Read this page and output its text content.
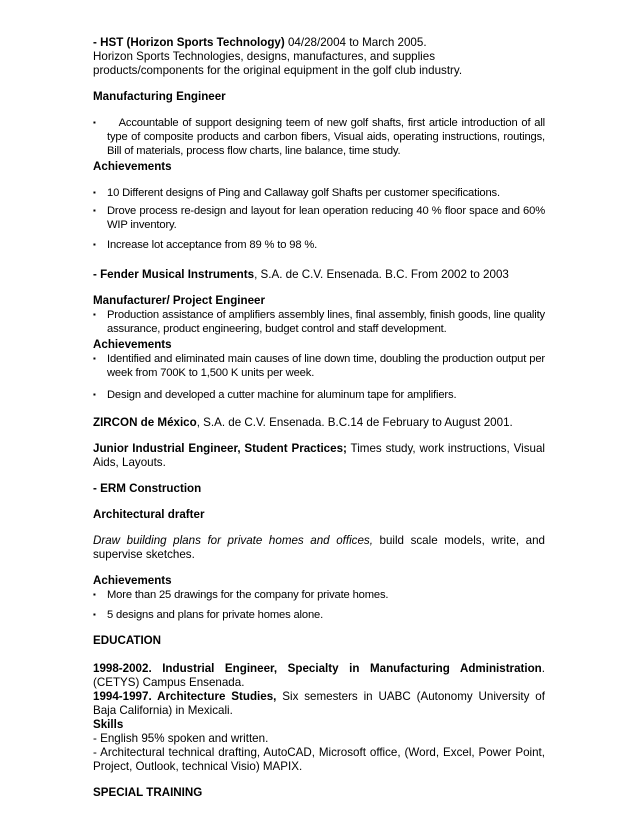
- HST (Horizon Sports Technology) 04/28/2004 to March 2005.

Horizon Sports Technologies, designs, manufactures, and supplies products/components for the original equipment in the golf club industry.

Manufacturing Engineer

▪ Accountable of support designing teem of new golf shafts, first article introduction of all type of composite products and carbon fibers, Visual aids, operating instructions, routings, Bill of materials, process flow charts, line balance, time study.

Achievements

▪ 10 Different designs of Ping and Callaway golf Shafts per customer specifications.
▪ Drove process re-design and layout for lean operation reducing 40 % floor space and 60% WIP inventory.
▪ Increase lot acceptance from 89 % to 98 %.

- Fender Musical Instruments, S.A. de C.V. Ensenada. B.C. From 2002 to 2003

Manufacturer/ Project Engineer

▪ Production assistance of amplifiers assembly lines, final assembly, finish goods, line quality assurance, product engineering, budget control and staff development.

Achievements

▪ Identified and eliminated main causes of line down time, doubling the production output per week from 700K to 1,500 K units per week.
▪ Design and developed a cutter machine for aluminum tape for amplifiers.

ZIRCON de México, S.A. de C.V. Ensenada. B.C.14 de February to August 2001.

Junior Industrial Engineer, Student Practices; Times study, work instructions, Visual Aids, Layouts.

- ERM Construction

Architectural drafter

Draw building plans for private homes and offices, build scale models, write, and supervise sketches.

Achievements

▪ More than 25 drawings for the company for private homes.
▪ 5 designs and plans for private homes alone.

EDUCATION

1998-2002. Industrial Engineer, Specialty in Manufacturing Administration. (CETYS) Campus Ensenada.

1994-1997. Architecture Studies, Six semesters in UABC (Autonomy University of Baja California) in Mexicali.

Skills

- English 95% spoken and written.

- Architectural technical drafting, AutoCAD, Microsoft office, (Word, Excel, Power Point, Project, Outlook, technical Visio) MAPIX.

SPECIAL TRAINING
